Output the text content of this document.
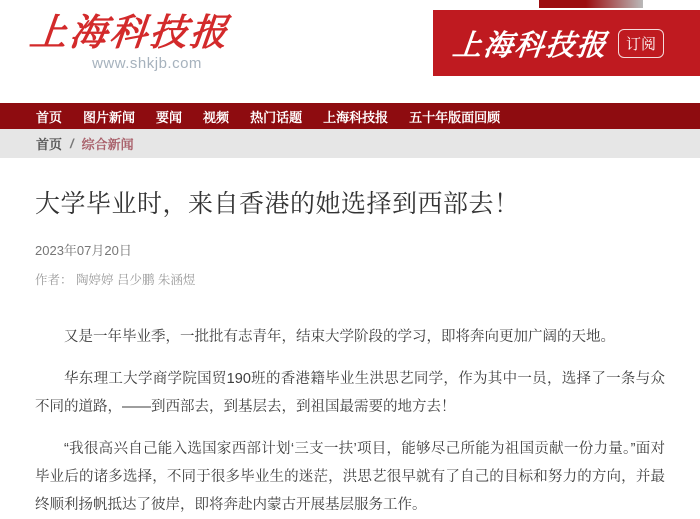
上海科技报
www.shkjb.com
上海科技报	订阅
首页 图片新闻 要闻 视频 热门话题 上海科技报 五十年版面回顾
首页 / 综合新闻
大学毕业时，来自香港的她选择到西部去！
2023年07月20日
作者： 陶婷婷 吕少鹏 朱涵煜

又是一年毕业季，一批批有志青年，结束大学阶段的学习，即将奔向更加广阔的天地。

华东理工大学商学院国贸190班的香港籍毕业生洪思艺同学，作为其中一员，选择了一条与众不同的道路，——到西部去，到基层去，到祖国最需要的地方去！

“我很高兴自己能入选国家西部计划‘三支一扶’项目，能够尽己所能为祖国贡献一份力量。”面对毕业后的诸多选择，不同于很多毕业生的迷茫，洪思艺很早就有了自己的目标和努力的方向，并最终顺利扬帆抵达了彼岸，即将奔赴内蒙古开展基层服务工作。
